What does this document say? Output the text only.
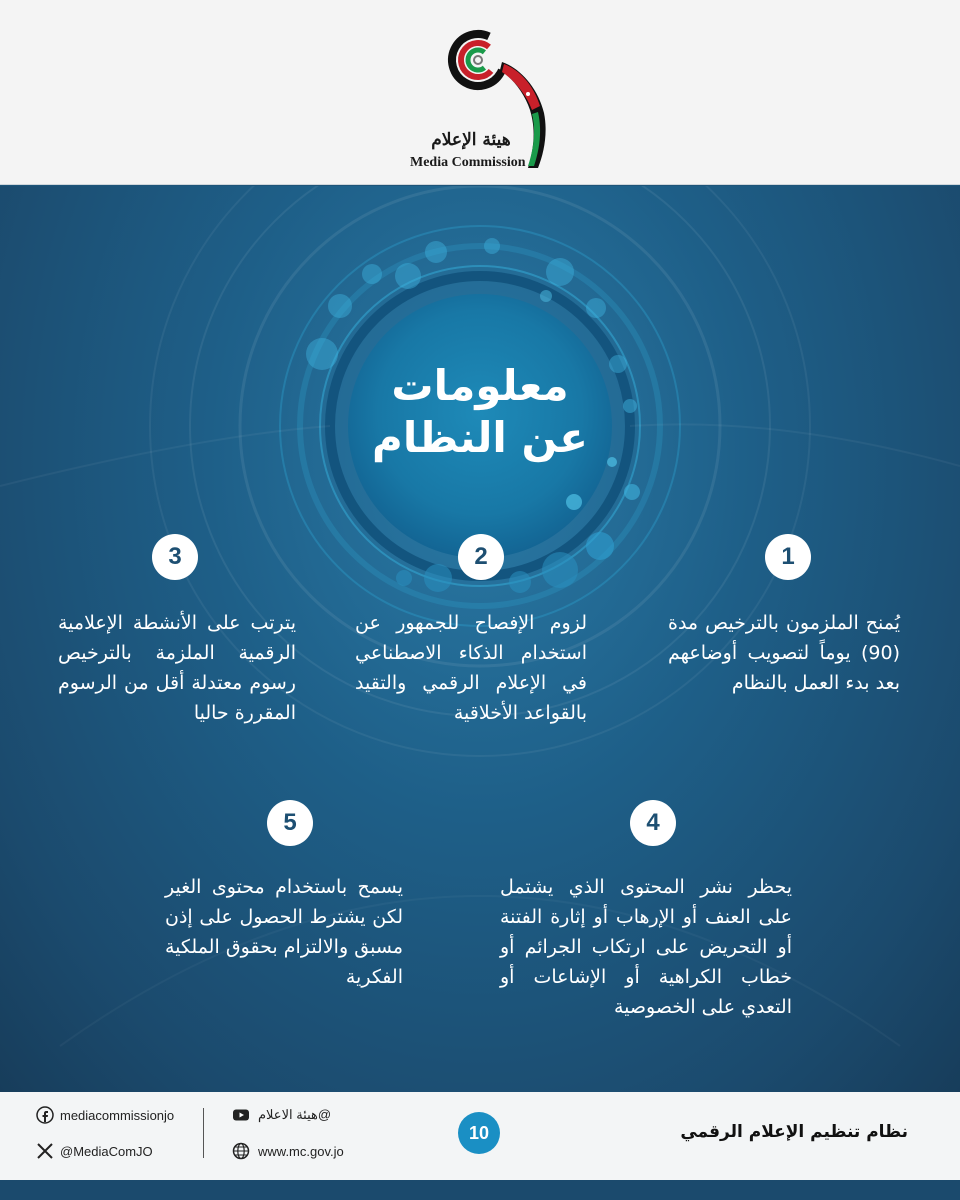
هيئة الإعلام
Media Commission
معلومات
عن النظام
1
2
3
4
5
يُمنح الملزمون بالترخيص مدة (90) يوماً لتصويب أوضاعهم بعد بدء العمل بالنظام
لزوم الإفصاح للجمهور عن استخدام الذكاء الاصطناعي في الإعلام الرقمي والتقيد بالقواعد الأخلاقية
يترتب على الأنشطة الإعلامية الرقمية الملزمة بالترخيص رسوم معتدلة أقل من الرسوم المقررة حاليا
يحظر نشر المحتوى الذي يشتمل على العنف أو الإرهاب أو إثارة الفتنة أو التحريض على ارتكاب الجرائم أو خطاب الكراهية أو الإشاعات أو التعدي على الخصوصية
يسمح باستخدام محتوى الغير لكن يشترط الحصول على إذن مسبق والالتزام بحقوق الملكية الفكرية
mediacommissionjo
@MediaComJO
@هيئة الاعلام
www.mc.gov.jo
10	نظام تنظيم الإعلام الرقمي
